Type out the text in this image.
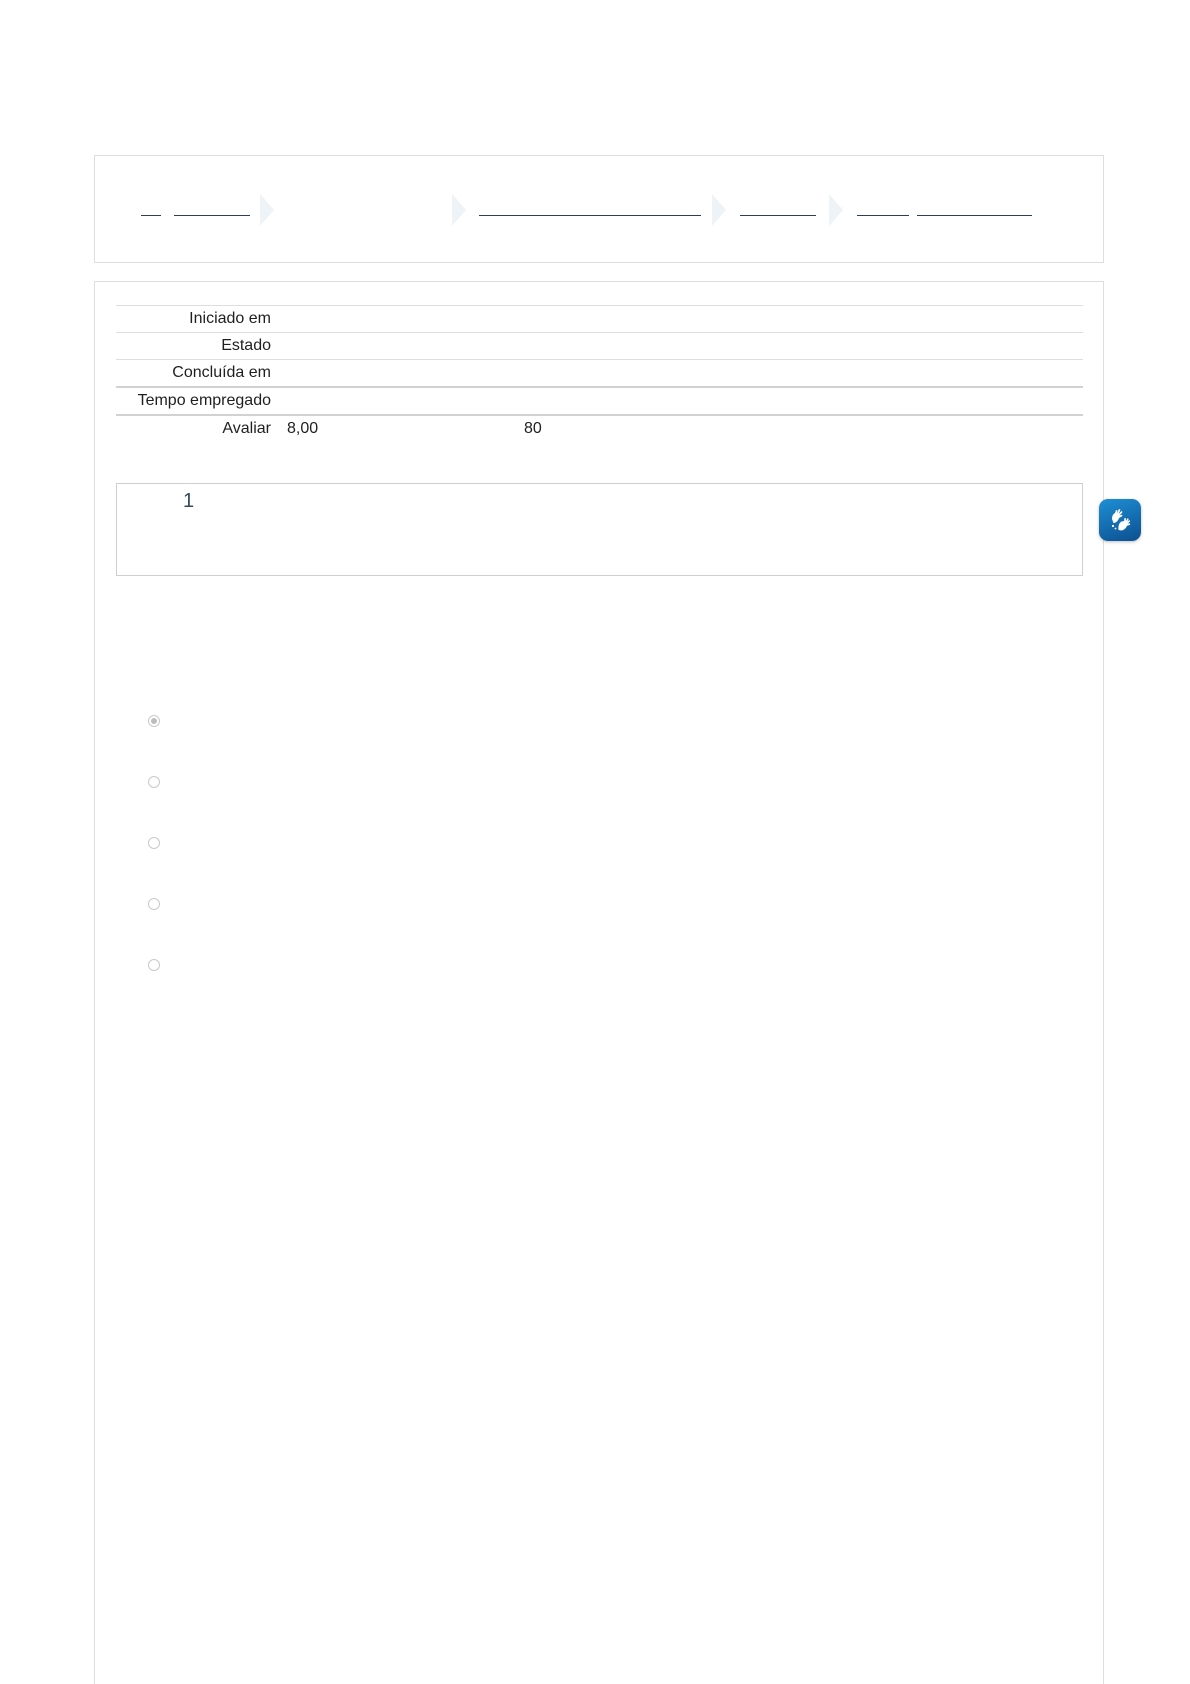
Iniciado em	
Estado	
Concluída em	
Tempo empregado	
Avaliar	8,00 80
1
